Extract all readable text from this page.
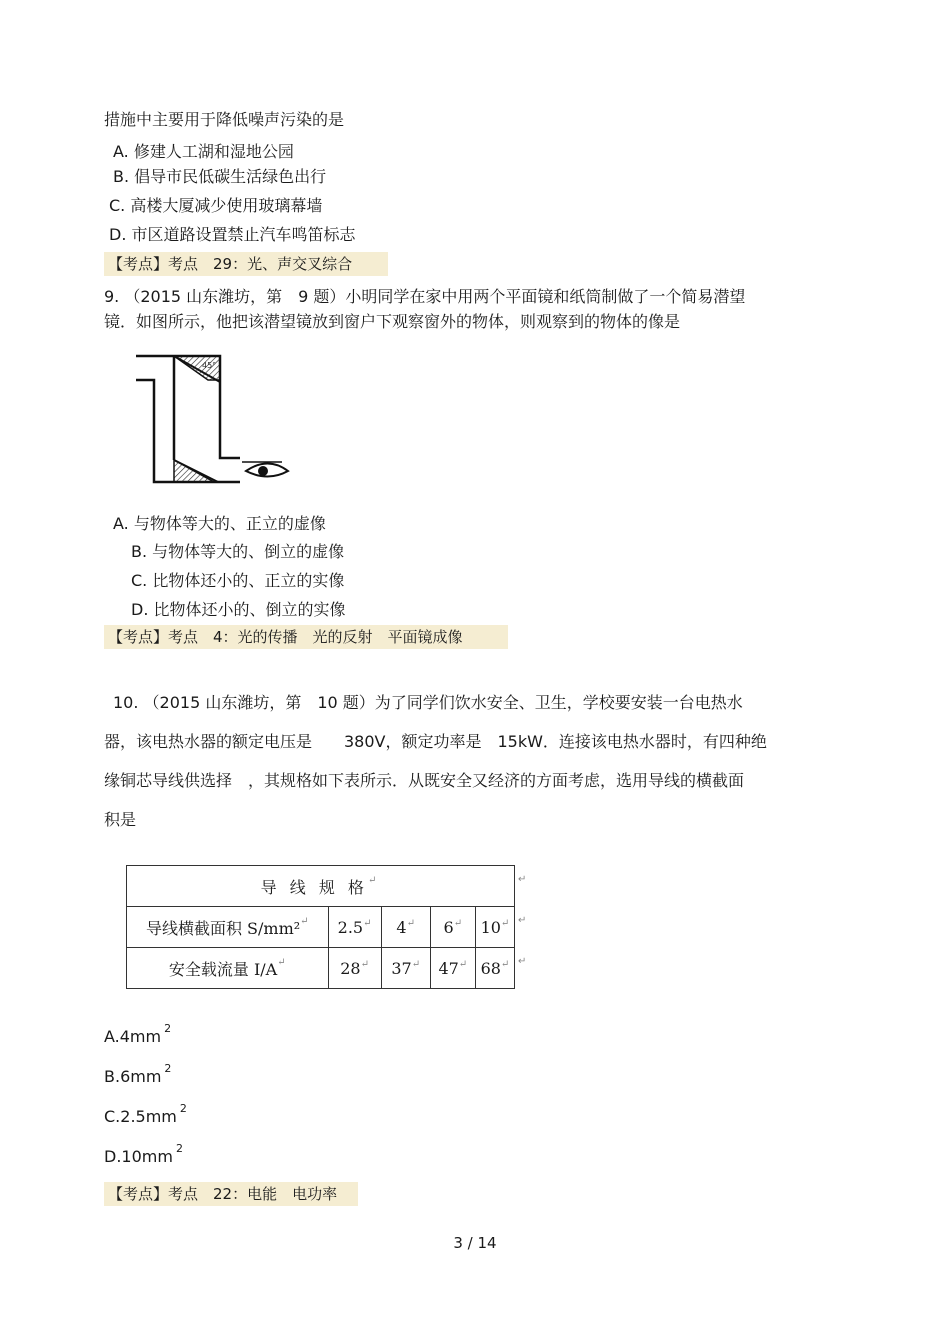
措施中主要用于降低噪声污染的是
A. 修建人工湖和湿地公园
B. 倡导市民低碳生活绿色出行
C. 高楼大厦减少使用玻璃幕墙
D. 市区道路设置禁止汽车鸣笛标志
【考点】考点　29：光、声交叉综合
9. （2015 山东潍坊，第　9 题）小明同学在家中用两个平面镜和纸筒制做了一个简易潜望
镜．如图所示，他把该潜望镜放到窗户下观察窗外的物体，则观察到的物体的像是
45°
A. 与物体等大的、正立的虚像
B. 与物体等大的、倒立的虚像
C. 比物体还小的、正立的实像
D. 比物体还小的、倒立的实像
【考点】考点　4：光的传播　光的反射　平面镜成像
10. （2015 山东潍坊，第　10 题）为了同学们饮水安全、卫生，学校要安装一台电热水
器，该电热水器的额定电压是　　380V，额定功率是　15kW．连接该电热水器时，有四种绝
缘铜芯导线供选择　，其规格如下表所示．从既安全又经济的方面考虑，选用导线的横截面
积是
导 线 规 格↵
导线横截面积 S/mm²↵	2.5↵	4↵	6↵	10↵
安全载流量 I/A↵	28↵	37↵	47↵	68↵
↵
↵
↵
A.4mm $^2$
B.6mm $^2$
C.2.5mm $^2$
D.10mm $^2$
【考点】考点　22：电能　电功率
3 / 14
